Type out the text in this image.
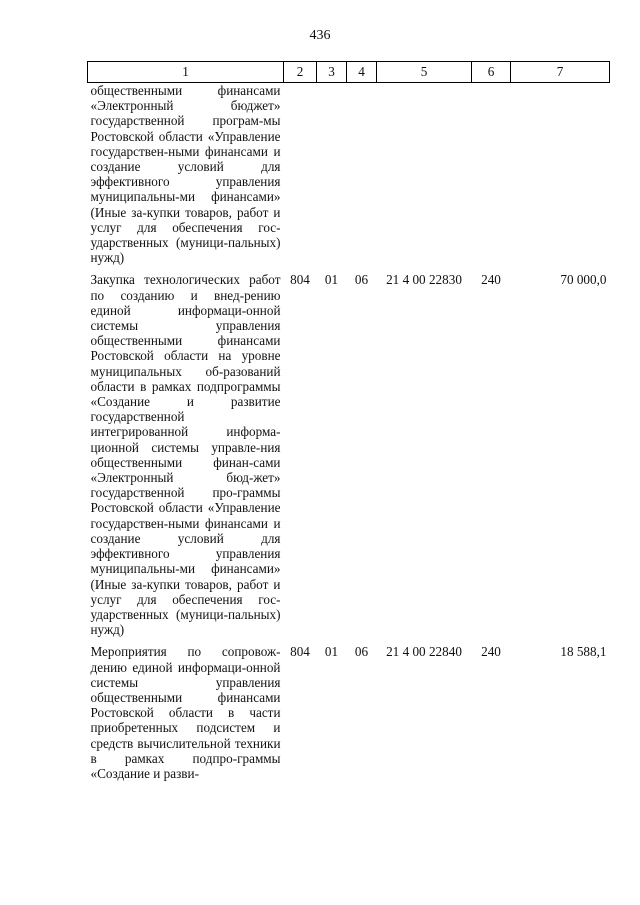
436
1	2	3	4	5	6	7
общественными финансами «Электронный бюджет» государственной програм-мы Ростовской области «Управление государствен-ными финансами и создание условий для эффективного управления муниципальны-ми финансами» (Иные за-купки товаров, работ и услуг для обеспечения гос-ударственных (муници-пальных) нужд)						
Закупка технологических работ по созданию и внед-рению единой информаци-онной системы управления общественными финансами Ростовской области на уровне муниципальных об-разований области в рамках подпрограммы «Создание и развитие государственной интегрированной информа-ционной системы управле-ния общественными финан-сами «Электронный бюд-жет» государственной про-граммы Ростовской области «Управление государствен-ными финансами и создание условий для эффективного управления муниципальны-ми финансами» (Иные за-купки товаров, работ и услуг для обеспечения гос-ударственных (муници-пальных) нужд)	804	01	06	21 4 00 22830	240	70 000,0
Мероприятия по сопровож-дению единой информаци-онной системы управления общественными финансами Ростовской области в части приобретенных подсистем и средств вычислительной техники в рамках подпро-граммы «Создание и разви-	804	01	06	21 4 00 22840	240	18 588,1
